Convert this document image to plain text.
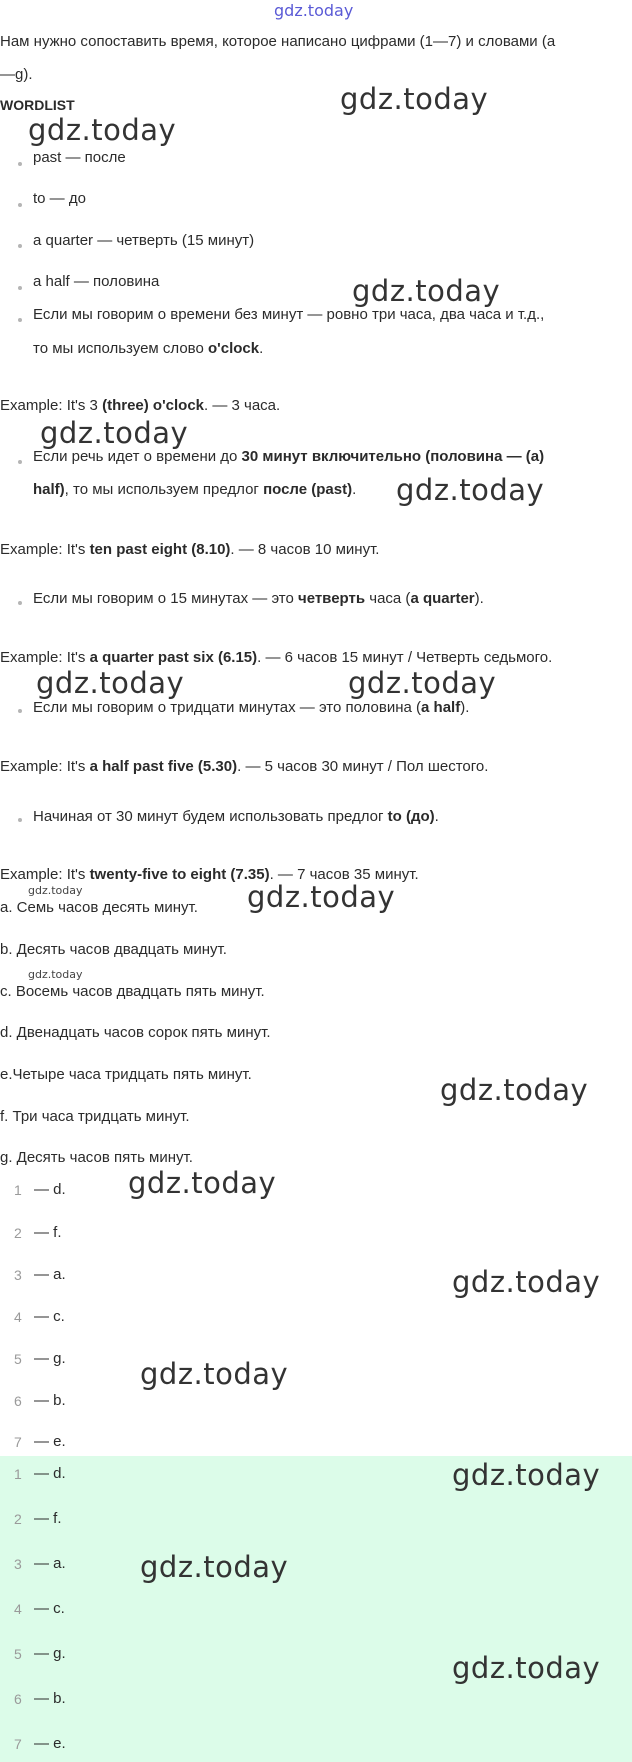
gdz.today
Нам нужно сопоставить время, которое написано цифрами (1—7) и словами (a
—g).
WORDLIST
past — после
to — до
a quarter — четверть (15 минут)
a half — половина
Если мы говорим о времени без минут — ровно три часа, два часа и т.д.,
то мы используем слово o'clock.
Example: It's 3 (three) o'clock. — 3 часа.
Если речь идет о времени до 30 минут включительно (половина — (a)
half), то мы используем предлог после (past).
Example: It's ten past eight (8.10). — 8 часов 10 минут.
Если мы говорим о 15 минутах — это четверть часа (a quarter).
Example: It's a quarter past six (6.15). — 6 часов 15 минут / Четверть седьмого.
Если мы говорим о тридцати минутах — это половина (a half).
Example: It's a half past five (5.30). — 5 часов 30 минут / Пол шестого.
Начиная от 30 минут будем использовать предлог to (до).
Example: It's twenty-five to eight (7.35). — 7 часов 35 минут.
a. Семь часов десять минут.
b. Десять часов двадцать минут.
c. Восемь часов двадцать пять минут.
d. Двенадцать часов сорок пять минут.
e.Четыре часа тридцать пять минут.
f. Три часа тридцать минут.
g. Десять часов пять минут.
1 — d.
2 — f.
3 — a.
4 — c.
5 — g.
6 — b.
7 — e.
1 — d.
2 — f.
3 — a.
4 — c.
5 — g.
6 — b.
7 — e.
gdz.today
gdz.today
gdz.today
gdz.today
gdz.today
gdz.today	gdz.today
gdz.today
gdz.today
gdz.today
gdz.today
gdz.today
gdz.today
gdz.today
gdz.today
gdz.today
gdz.today
